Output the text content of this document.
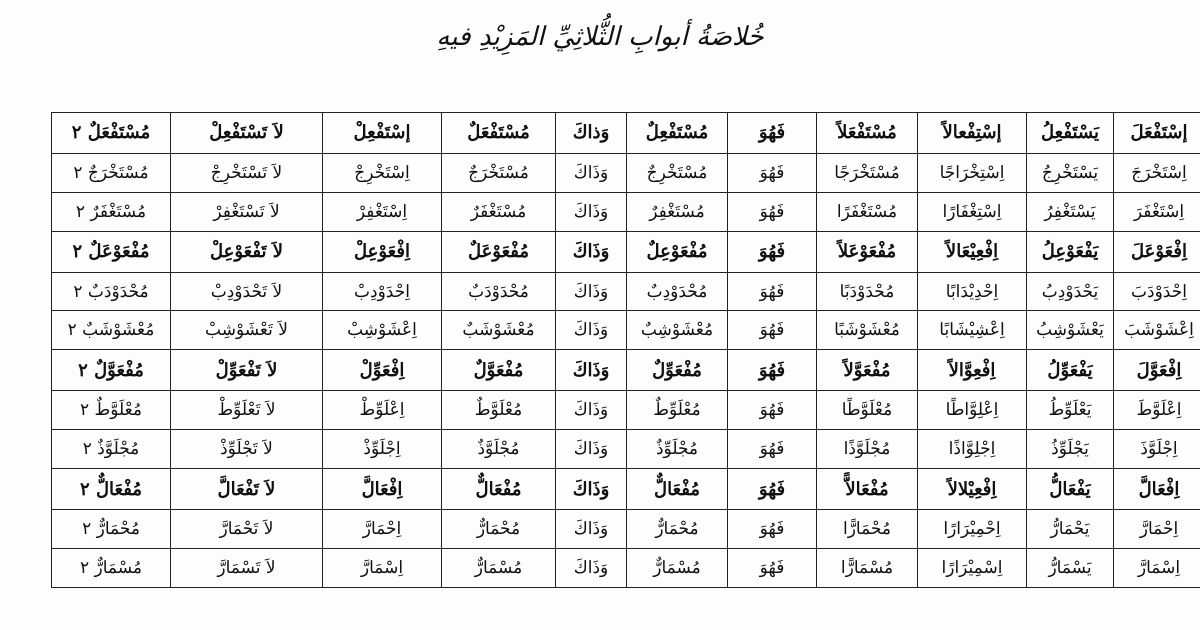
خُلاصَةُ أبوابِ الثُّلاثِيِّ المَزِيْدِ فيهِ
إسْتَفْعَلَ	يَسْتَفْعِلُ	إسْتِفْعالاً	مُسْتَفْعَلاً	فَهُوَ	مُسْتَفْعِلٌ	وَذاكَ	مُسْتَفْعَلٌ	إسْتَفْعِلْ	لاَ تَسْتَفْعِلْ	مُسْتَفْعَلٌ ٢
اِسْتَخْرَجَ	يَسْتَخْرِجُ	اِسْتِخْرَاجًا	مُسْتَخْرَجًا	فَهُوَ	مُسْتَخْرِجٌ	وَذَاكَ	مُسْتَخْرَجٌ	اِسْتَخْرِجْ	لاَ تَسْتَخْرِجْ	مُسْتَخْرَجٌ ٢
اِسْتَغْفَرَ	يَسْتَغْفِرُ	اِسْتِغْفَارًا	مُسْتَغْفَرًا	فَهُوَ	مُسْتَغْفِرٌ	وَذَاكَ	مُسْتَغْفَرٌ	اِسْتَغْفِرْ	لاَ تَسْتَغْفِرْ	مُسْتَغْفَرٌ ٢
اِفْعَوْعَلَ	يَفْعَوْعِلُ	اِفْعِيْعَالاً	مُفْعَوْعَلاً	فَهُوَ	مُفْعَوْعِلٌ	وَذَاكَ	مُفْعَوْعَلٌ	اِفْعَوْعِلْ	لاَ تَفْعَوْعِلْ	مُفْعَوْعَلٌ ٢
اِحْدَوْدَبَ	يَحْدَوْدِبُ	اِحْدِيْدَابًا	مُحْدَوْدَبًا	فَهُوَ	مُحْدَوْدِبٌ	وَذَاكَ	مُحْدَوْدَبٌ	اِحْدَوْدِبْ	لاَ تَحْدَوْدِبْ	مُحْدَوْدَبٌ ٢
اِعْشَوْشَبَ	يَعْشَوْشِبُ	اِعْشِيْشَابًا	مُعْشَوْشَبًا	فَهُوَ	مُعْشَوْشِبٌ	وَذَاكَ	مُعْشَوْشَبٌ	اِعْشَوْشِبْ	لاَ تَعْشَوْشِبْ	مُعْشَوْشَبٌ ٢
اِفْعَوَّلَ	يَفْعَوِّلُ	اِفْعِوَّالاً	مُفْعَوَّلاً	فَهُوَ	مُفْعَوِّلٌ	وَذَاكَ	مُفْعَوَّلٌ	اِفْعَوِّلْ	لاَ تَفْعَوِّلْ	مُفْعَوَّلٌ ٢
اِعْلَوَّطَ	يَعْلَوِّطُ	اِعْلِوَّاطًا	مُعْلَوَّطًا	فَهُوَ	مُعْلَوِّطٌ	وَذَاكَ	مُعْلَوَّطٌ	اِعْلَوِّطْ	لاَ تَعْلَوِّطْ	مُعْلَوَّطٌ ٢
اِجْلَوَّذَ	يَجْلَوِّذُ	اِجْلِوَّاذًا	مُجْلَوَّذًا	فَهُوَ	مُجْلَوِّذٌ	وَذَاكَ	مُجْلَوَّذٌ	اِجْلَوِّذْ	لاَ تَجْلَوِّذْ	مُجْلَوَّذٌ ٢
اِفْعَالَّ	يَفْعَالُّ	اِفْعِيْلالاً	مُفْعَالاًّ	فَهُوَ	مُفْعَالٌّ	وَذَاكَ	مُفْعَالٌّ	اِفْعَالَّ	لاَ تَفْعَالَّ	مُفْعَالٌّ ٢
اِحْمَارَّ	يَحْمَارُّ	اِحْمِيْرَارًا	مُحْمَارًّا	فَهُوَ	مُحْمَارٌّ	وَذَاكَ	مُحْمَارٌّ	اِحْمَارَّ	لاَ تَحْمَارَّ	مُحْمَارٌّ ٢
اِسْمَارَّ	يَسْمَارُّ	اِسْمِيْرَارًا	مُسْمَارًّا	فَهُوَ	مُسْمَارٌّ	وَذَاكَ	مُسْمَارٌّ	اِسْمَارَّ	لاَ تَسْمَارَّ	مُسْمَارٌّ ٢
